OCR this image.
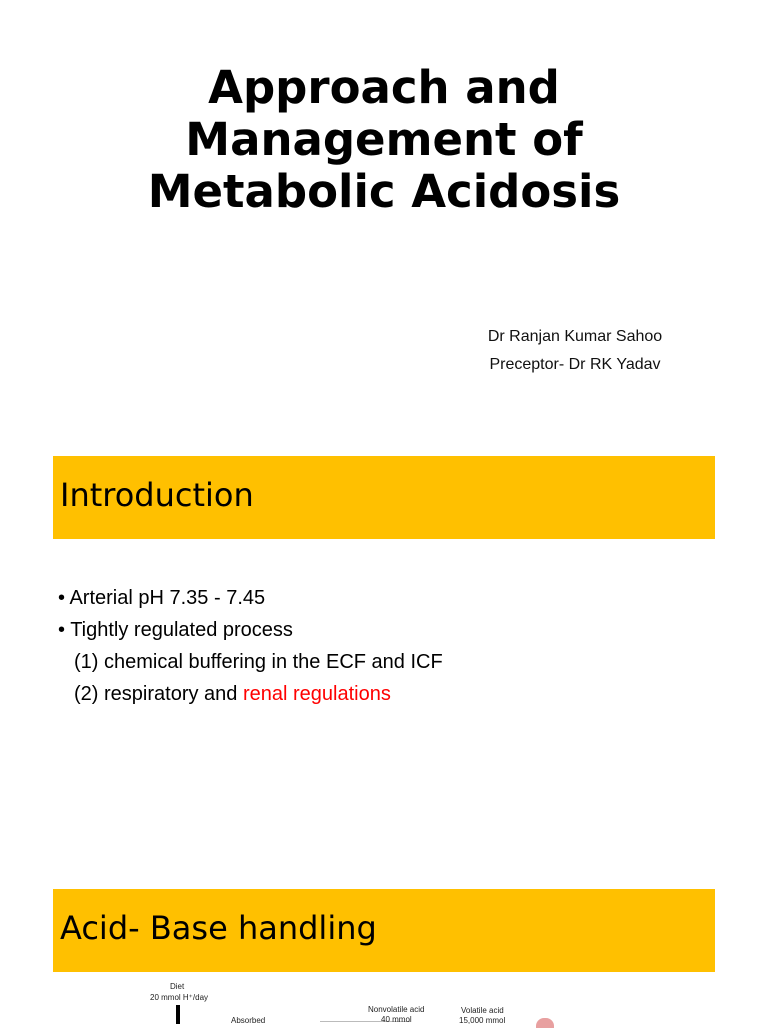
Approach and
Management of
Metabolic Acidosis
Dr Ranjan Kumar Sahoo
Preceptor- Dr RK Yadav
Introduction
• Arterial pH 7.35 - 7.45
• Tightly regulated process
(1) chemical buffering in the ECF and ICF
(2) respiratory and renal regulations
Acid- Base handling
Diet
20 mmol H⁺/day
Absorbed
Nonvolatile acid
40 mmol
Volatile acid
15,000 mmol
